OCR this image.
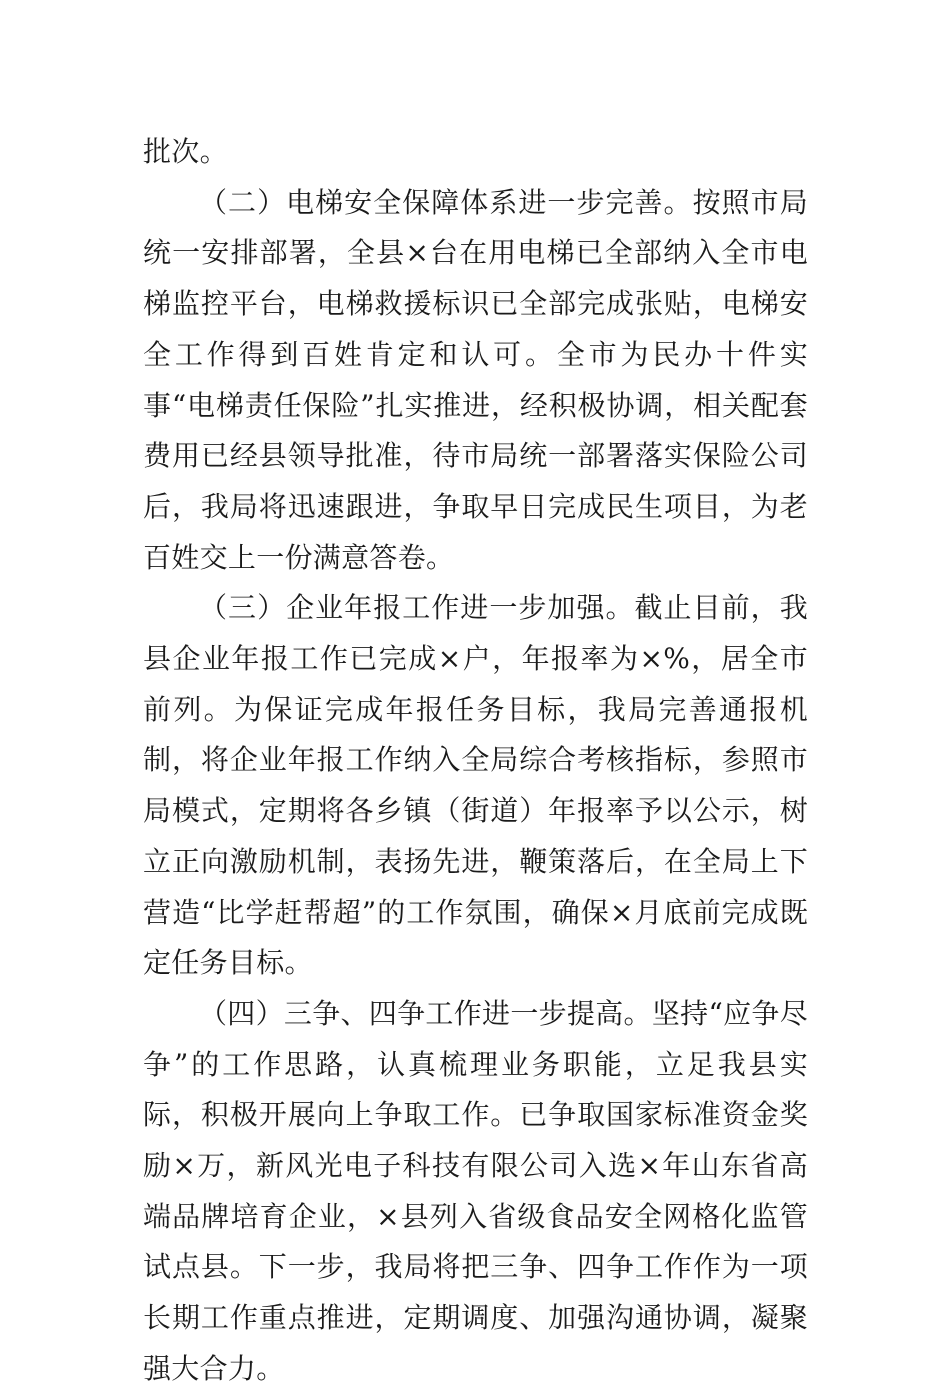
批次。

（二）电梯安全保障体系进一步完善。按照市局统一安排部署，全县×台在用电梯已全部纳入全市电梯监控平台，电梯救援标识已全部完成张贴，电梯安全工作得到百姓肯定和认可。全市为民办十件实事“电梯责任保险”扎实推进，经积极协调，相关配套费用已经县领导批准，待市局统一部署落实保险公司后，我局将迅速跟进，争取早日完成民生项目，为老百姓交上一份满意答卷。

（三）企业年报工作进一步加强。截止目前，我县企业年报工作已完成×户，年报率为×%，居全市前列。为保证完成年报任务目标，我局完善通报机制，将企业年报工作纳入全局综合考核指标，参照市局模式，定期将各乡镇（街道）年报率予以公示，树立正向激励机制，表扬先进，鞭策落后，在全局上下营造“比学赶帮超”的工作氛围，确保×月底前完成既定任务目标。

（四）三争、四争工作进一步提高。坚持“应争尽争”的工作思路，认真梳理业务职能，立足我县实际，积极开展向上争取工作。已争取国家标准资金奖励×万，新风光电子科技有限公司入选×年山东省高端品牌培育企业，×县列入省级食品安全网格化监管试点县。下一步，我局将把三争、四争工作作为一项长期工作重点推进，定期调度、加强沟通协调，凝聚强大合力。
